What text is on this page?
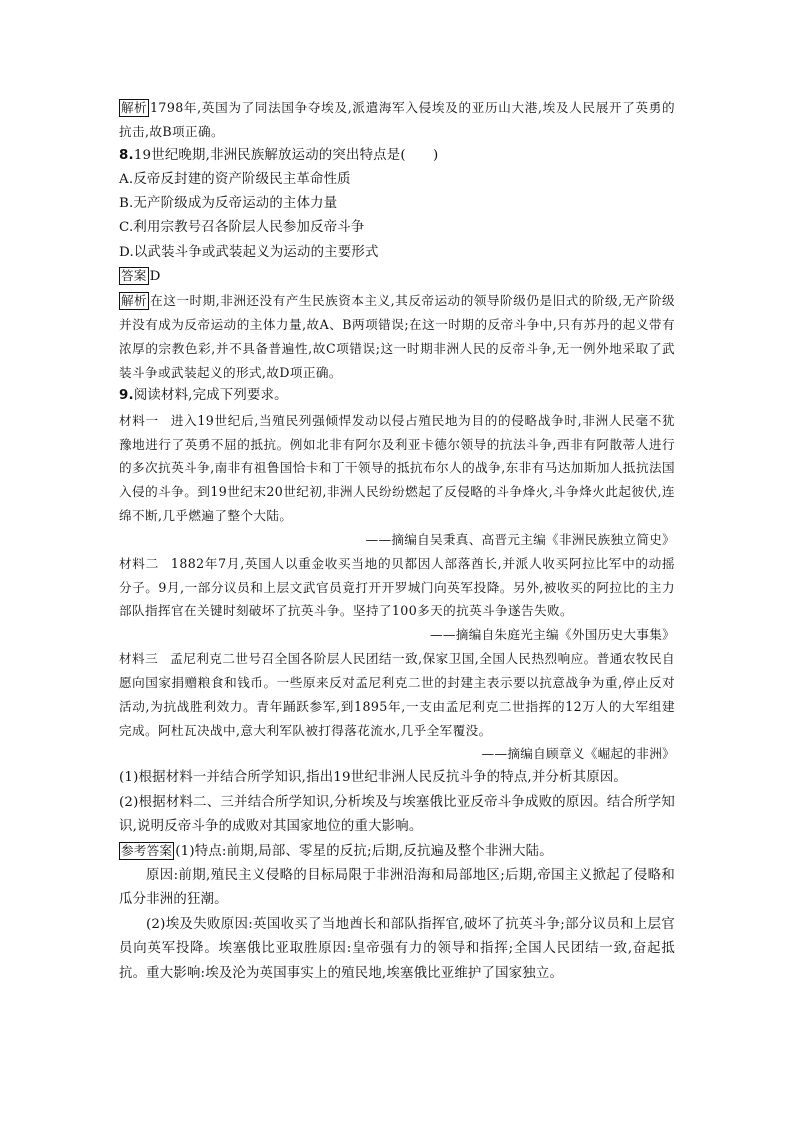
解析 1798年,英国为了同法国争夺埃及,派遣海军入侵埃及的亚历山大港,埃及人民展开了英勇的抗击,故B项正确。

8.19世纪晚期,非洲民族解放运动的突出特点是(　　)

A.反帝反封建的资产阶级民主革命性质

B.无产阶级成为反帝运动的主体力量

C.利用宗教号召各阶层人民参加反帝斗争

D.以武装斗争或武装起义为运动的主要形式

答案 D

解析 在这一时期,非洲还没有产生民族资本主义,其反帝运动的领导阶级仍是旧式的阶级,无产阶级并没有成为反帝运动的主体力量,故A、B两项错误;在这一时期的反帝斗争中,只有苏丹的起义带有浓厚的宗教色彩,并不具备普遍性,故C项错误;这一时期非洲人民的反帝斗争,无一例外地采取了武装斗争或武装起义的形式,故D项正确。

9.阅读材料,完成下列要求。

材料一 进入19世纪后,当殖民列强倾悍发动以侵占殖民地为目的的侵略战争时,非洲人民毫不犹豫地进行了英勇不屈的抵抗。例如北非有阿尔及利亚卡德尔领导的抗法斗争,西非有阿散蒂人进行的多次抗英斗争,南非有祖鲁国恰卡和丁干领导的抵抗布尔人的战争,东非有马达加斯加人抵抗法国入侵的斗争。到19世纪末20世纪初,非洲人民纷纷燃起了反侵略的斗争烽火,斗争烽火此起彼伏,连绵不断,几乎燃遍了整个大陆。

——摘编自吴秉真、高晋元主编《非洲民族独立简史》

材料二 1882年7月,英国人以重金收买当地的贝都因人部落酋长,并派人收买阿拉比军中的动摇分子。9月,一部分议员和上层文武官员竟打开开罗城门向英军投降。另外,被收买的阿拉比的主力部队指挥官在关键时刻破坏了抗英斗争。坚持了100多天的抗英斗争遂告失败。

——摘编自朱庭光主编《外国历史大事集》

材料三 孟尼利克二世号召全国各阶层人民团结一致,保家卫国,全国人民热烈响应。普通农牧民自愿向国家捐赠粮食和钱币。一些原来反对孟尼利克二世的封建主表示要以抗意战争为重,停止反对活动,为抗战胜利效力。青年踊跃参军,到1895年,一支由孟尼利克二世指挥的12万人的大军组建完成。阿杜瓦决战中,意大利军队被打得落花流水,几乎全军覆没。

——摘编自顾章义《崛起的非洲》

(1)根据材料一并结合所学知识,指出19世纪非洲人民反抗斗争的特点,并分析其原因。

(2)根据材料二、三并结合所学知识,分析埃及与埃塞俄比亚反帝斗争成败的原因。结合所学知识,说明反帝斗争的成败对其国家地位的重大影响。

参考答案 (1)特点:前期,局部、零星的反抗;后期,反抗遍及整个非洲大陆。

原因:前期,殖民主义侵略的目标局限于非洲沿海和局部地区;后期,帝国主义掀起了侵略和瓜分非洲的狂潮。

(2)埃及失败原因:英国收买了当地酋长和部队指挥官,破坏了抗英斗争;部分议员和上层官员向英军投降。埃塞俄比亚取胜原因:皇帝强有力的领导和指挥;全国人民团结一致,奋起抵抗。重大影响:埃及沦为英国事实上的殖民地,埃塞俄比亚维护了国家独立。
